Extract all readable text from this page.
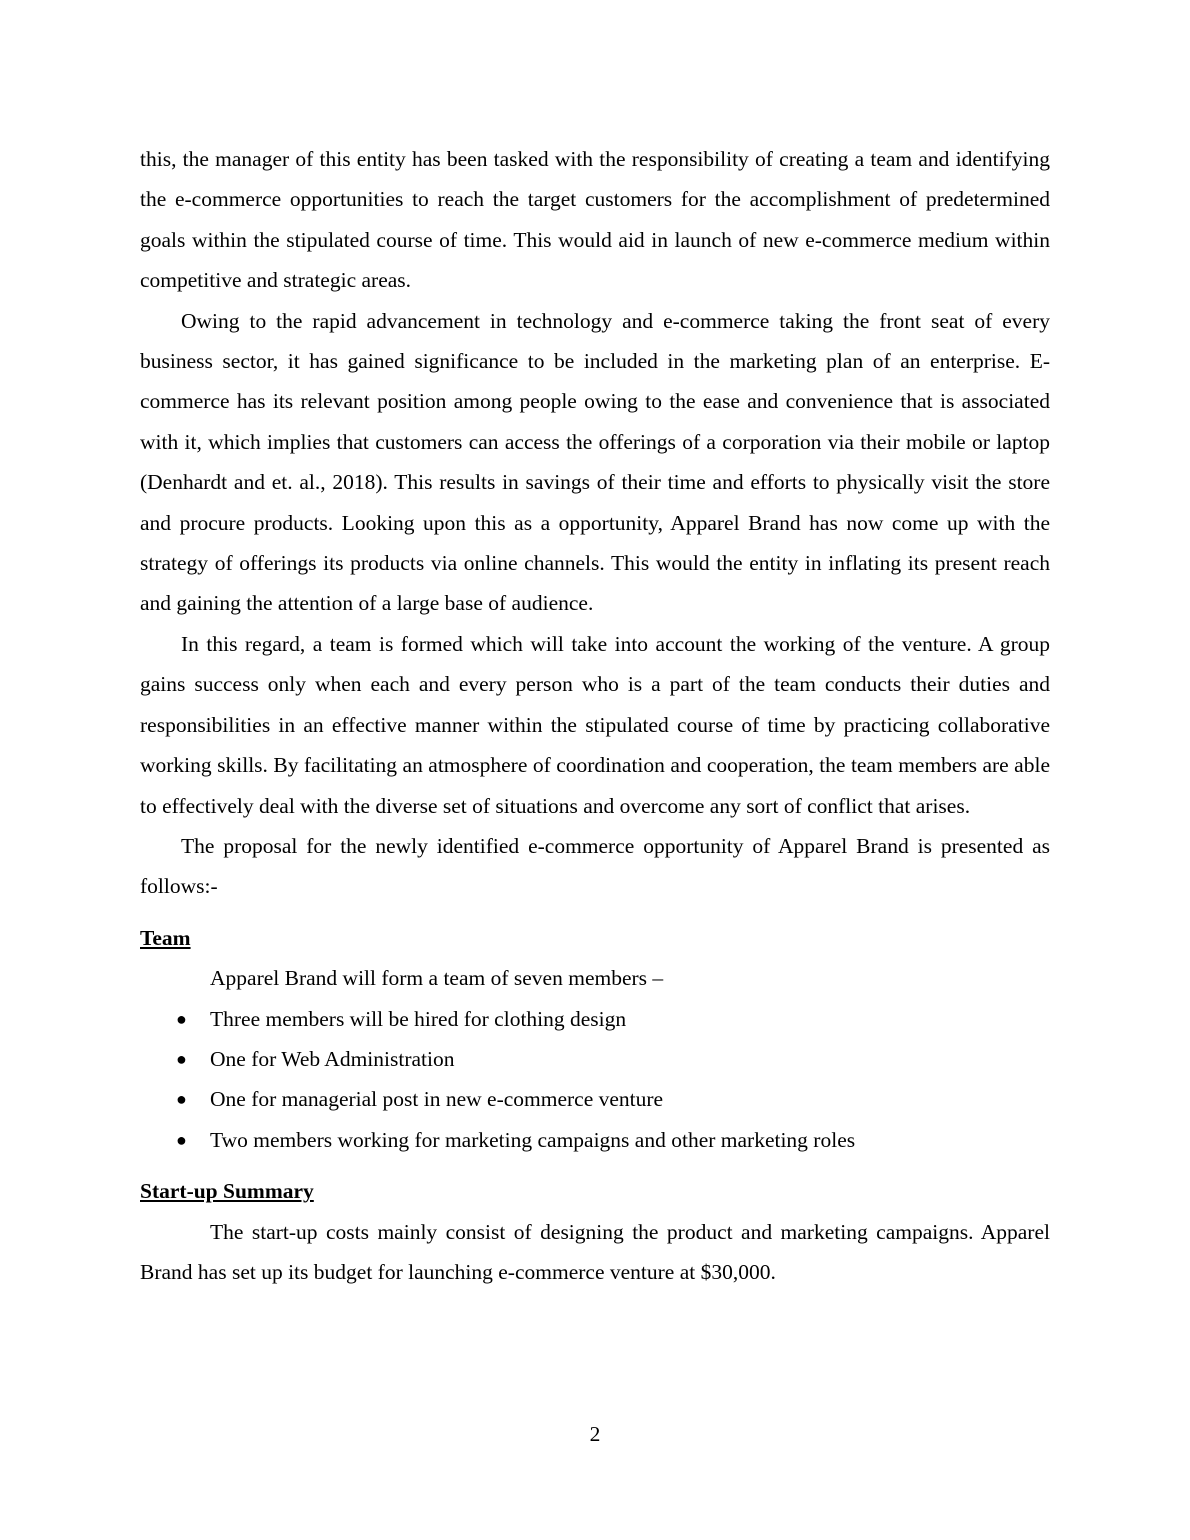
this, the manager of this entity has been tasked with the responsibility of creating a team and identifying the e-commerce opportunities to reach the target customers for the accomplishment of predetermined goals within the stipulated course of time. This would aid in launch of new e-commerce medium within competitive and strategic areas.

Owing to the rapid advancement in technology and e-commerce taking the front seat of every business sector, it has gained significance to be included in the marketing plan of an enterprise. E-commerce has its relevant position among people owing to the ease and convenience that is associated with it, which implies that customers can access the offerings of a corporation via their mobile or laptop (Denhardt and et. al., 2018). This results in savings of their time and efforts to physically visit the store and procure products. Looking upon this as a opportunity, Apparel Brand has now come up with the strategy of offerings its products via online channels. This would the entity in inflating its present reach and gaining the attention of a large base of audience.

In this regard, a team is formed which will take into account the working of the venture. A group gains success only when each and every person who is a part of the team conducts their duties and responsibilities in an effective manner within the stipulated course of time by practicing collaborative working skills. By facilitating an atmosphere of coordination and cooperation, the team members are able to effectively deal with the diverse set of situations and overcome any sort of conflict that arises.

The proposal for the newly identified e-commerce opportunity of Apparel Brand is presented as follows:-

Team

Apparel Brand will form a team of seven members –

● Three members will be hired for clothing design
● One for Web Administration
● One for managerial post in new e-commerce venture
● Two members working for marketing campaigns and other marketing roles
Start-up Summary

The start-up costs mainly consist of designing the product and marketing campaigns. Apparel Brand has set up its budget for launching e-commerce venture at $30,000.

2
